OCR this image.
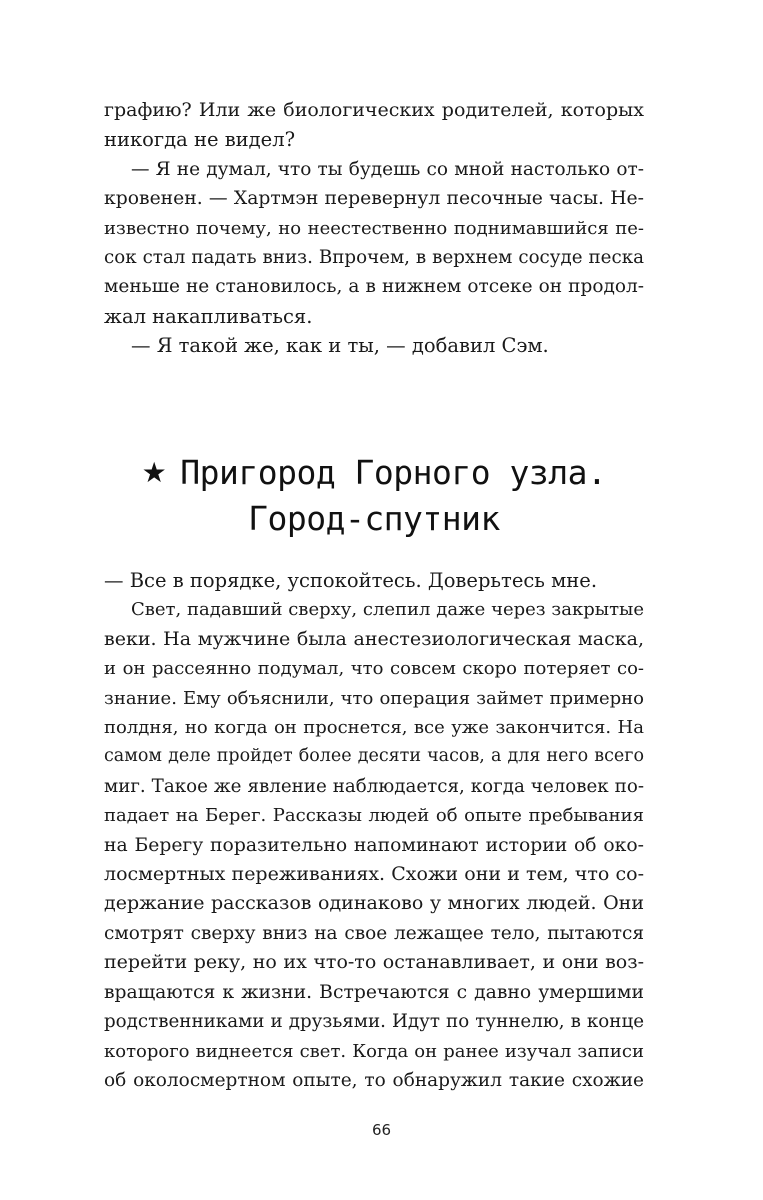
графию? Или же биологических родителей, которых
никогда не видел?
— Я не думал, что ты будешь со мной настолько от-
кровенен. — Хартмэн перевернул песочные часы. Не-
известно почему, но неестественно поднимавшийся пе-
сок стал падать вниз. Впрочем, в верхнем сосуде песка
меньше не становилось, а в нижнем отсеке он продол-
жал накапливаться.
— Я такой же, как и ты, — добавил Сэм.
★ Пригород Горного узла.
Город-спутник
— Все в порядке, успокойтесь. Доверьтесь мне.
Свет, падавший сверху, слепил даже через закрытые
веки. На мужчине была анестезиологическая маска,
и он рассеянно подумал, что совсем скоро потеряет со-
знание. Ему объяснили, что операция займет примерно
полдня, но когда он проснется, все уже закончится. На
самом деле пройдет более десяти часов, а для него всего
миг. Такое же явление наблюдается, когда человек по-
падает на Берег. Рассказы людей об опыте пребывания
на Берегу поразительно напоминают истории об око-
лосмертных переживаниях. Схожи они и тем, что со-
держание рассказов одинаково у многих людей. Они
смотрят сверху вниз на свое лежащее тело, пытаются
перейти реку, но их что-то останавливает, и они воз-
вращаются к жизни. Встречаются с давно умершими
родственниками и друзьями. Идут по туннелю, в конце
которого виднеется свет. Когда он ранее изучал записи
об околосмертном опыте, то обнаружил такие схожие
66
